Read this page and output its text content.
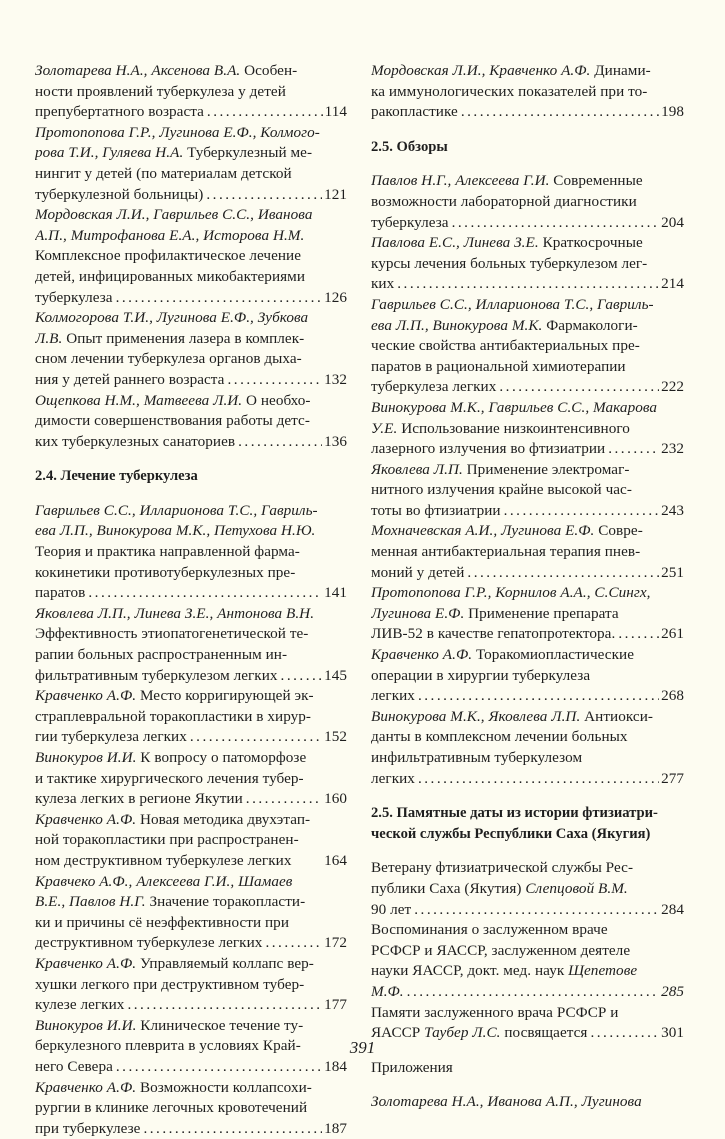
Золотарева Н.А., Аксенова В.А. Особен-
ности проявлений туберкулеза у детей
препубертатного возраста . . .	114
Протопопова Г.Р., Лугинова Е.Ф., Колмого-
рова Т.И., Гуляева Н.А. Туберкулезный ме-
нингит у детей (по материалам детской
туберкулезной больницы) . . .	121
Мордовская Л.И., Гаврильев С.С., Иванова
А.П., Митрофанова Е.А., Исторова Н.М.
Комплексное профилактическое лечение
детей, инфицированных микобактериями
туберкулеза . . .	126
Колмогорова Т.И., Лугинова Е.Ф., Зубкова
Л.В. Опыт применения лазера в комплек-
сном лечении туберкулеза органов дыха-
ния у детей раннего возраста . . .	132
Ощепкова Н.М., Матвеева Л.И. О необхо-
димости совершенствования работы детс-
ких туберкулезных санаториев . . .	136
2.4. Лечение туберкулеза
Гаврильев С.С., Илларионова Т.С., Гавриль-
ева Л.П., Винокурова М.К., Петухова Н.Ю.
Теория и практика направленной фарма-
кокинетики противотуберкулезных пре-
паратов . . .	141
Яковлева Л.П., Линева З.Е., Антонова В.Н.
Эффективность этиопатогенетической те-
рапии больных распространенным ин-
фильтративным туберкулезом легких . . .	145
Кравченко А.Ф. Место корригирующей эк-
страплевральной торакопластики в хирур-
гии туберкулеза легких . . .	152
Винокуров И.И. К вопросу о патоморфозе
и тактике хирургического лечения тубер-
кулеза легких в регионе Якутии . . .	160
Кравченко А.Ф. Новая методика двухэтап-
ной торакопластики при распространен-
ном деструктивном туберкулезе легких 164
Кравчеко А.Ф., Алексеева Г.И., Шамаев
В.Е., Павлов Н.Г. Значение торакопласти-
ки и причины сё неэффективности при
деструктивном туберкулезе легких . . .	172
Кравченко А.Ф. Управляемый коллапс вер-
хушки легкого при деструктивном тубер-
кулезе легких . . .	177
Винокуров И.И. Клиническое течение ту-
беркулезного плеврита в условиях Край-
него Севера . . .	184
Кравченко А.Ф. Возможности коллапсохи-
рургии в клинике легочных кровотечений
при туберкулезе . . .	187
Мордовская Л.И., Кравченко А.Ф. Динами-
ка иммунологических показателей при то-
ракопластике . . .	198
2.5. Обзоры
Павлов Н.Г., Алексеева Г.И. Современные
возможности лабораторной диагностики
туберкулеза . . .	204
Павлова Е.С., Линева З.Е. Краткосрочные
курсы лечения больных туберкулезом лег-
ких . . .	214
Гаврильев С.С., Илларионова Т.С., Гавриль-
ева Л.П., Винокурова М.К. Фармакологи-
ческие свойства антибактериальных пре-
паратов в рациональной химиотерапии
туберкулеза легких . . .	222
Винокурова М.К., Гаврильев С.С., Макарова
У.Е. Использование низкоинтенсивного
лазерного излучения во фтизиатрии . . .	232
Яковлева Л.П. Применение электромаг-
нитного излучения крайне высокой час-
тоты во фтизиатрии . . .	243
Мохначевская А.И., Лугинова Е.Ф. Совре-
менная антибактериальная терапия пнев-
моний у детей . . .	251
Протопопова Г.Р., Корнилов А.А., С.Сингх,
Лугинова Е.Ф. Применение препарата
ЛИВ-52 в качестве гепатопротектора. . . .	261
Кравченко А.Ф. Торакомиопластические
операции в хирургии туберкулеза
легких . . .	268
Винокурова М.К., Яковлева Л.П. Антиокси-
данты в комплексном лечении больных
инфильтративным туберкулезом
легких . . .	277
2.5. Памятные даты из истории фтизиатри-
ческой службы Республики Саха (Якугия)
Ветерану фтизиатрической службы Рес-
публики Саха (Якутия) Слепцовой В.М.
90 лет . . .	284
Воспоминания о заслуженном враче
РСФСР и ЯАССР, заслуженном деятеле
науки ЯАССР, докт. мед. наук Щепетове
М.Ф. . . .	285
Памяти заслуженного врача РСФСР и
ЯАССР Таубер Л.С. посвящается . . .	301
Приложения
Золотарева Н.А., Иванова А.П., Лугинова
391
